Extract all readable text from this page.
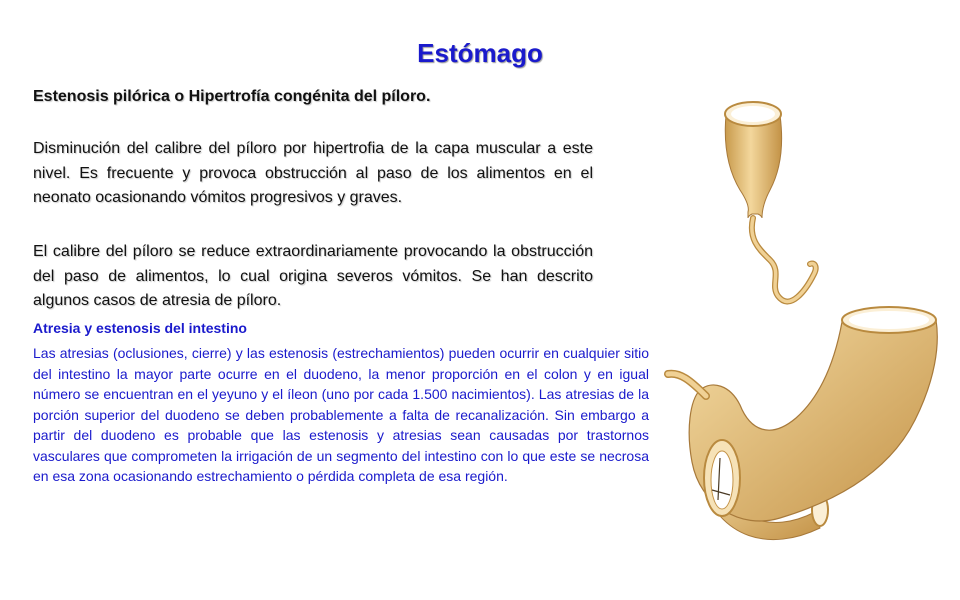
Estómago
Estenosis pilórica o Hipertrofía congénita del píloro.

Disminución del calibre del píloro por hipertrofia de la capa muscular a este nivel. Es frecuente y provoca obstrucción al paso de los alimentos en el neonato ocasionando vómitos progresivos y graves.

El calibre del píloro se reduce extraordinariamente provocando la obstrucción del paso de alimentos, lo cual origina severos vómitos. Se han descrito algunos casos de atresia de píloro.

Atresia y estenosis del intestino

Las atresias (oclusiones, cierre) y las estenosis (estrechamientos) pueden ocurrir en cualquier sitio del intestino la mayor parte ocurre en el duodeno, la menor proporción en el colon y en igual número se encuentran en el yeyuno y el íleon (uno por cada 1.500 nacimientos). Las atresias de la porción superior del duodeno se deben probablemente a falta de recanalización. Sin embargo a partir del duodeno es probable que las estenosis y atresias sean causadas por trastornos vasculares que comprometen la irrigación de un segmento del intestino con lo que este se necrosa en esa zona ocasionando estrechamiento o pérdida completa de esa región.
